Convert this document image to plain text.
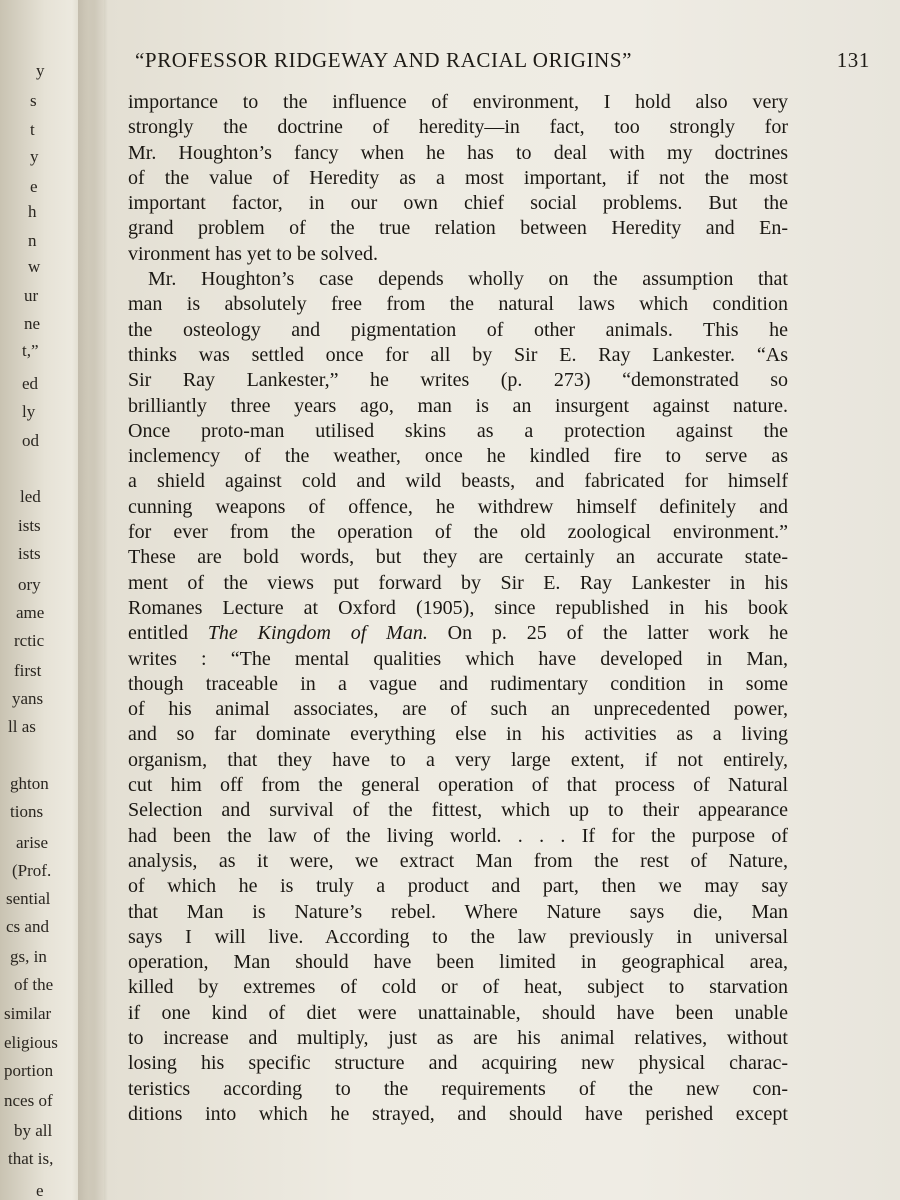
y
s
t
y
e
h
n
w
ur
ne
t,”
ed
ly
od
led
ists
ists
ory
ame
rctic
first
yans
ll as
ghton
tions
arise
(Prof.
sential
cs and
gs, in
of the
similar
eligious
portion
nces of
by all
that is,
e
“PROFESSOR RIDGEWAY AND RACIAL ORIGINS”	131
importance to the influence of environment, I hold also very
strongly the doctrine of heredity—in fact, too strongly for
Mr. Houghton’s fancy when he has to deal with my doctrines
of the value of Heredity as a most important, if not the most
important factor, in our own chief social problems. But the
grand problem of the true relation between Heredity and En-
vironment has yet to be solved.
Mr. Houghton’s case depends wholly on the assumption that
man is absolutely free from the natural laws which condition
the osteology and pigmentation of other animals. This he
thinks was settled once for all by Sir E. Ray Lankester. “As
Sir Ray Lankester,” he writes (p. 273) “demonstrated so
brilliantly three years ago, man is an insurgent against nature.
Once proto-man utilised skins as a protection against the
inclemency of the weather, once he kindled fire to serve as
a shield against cold and wild beasts, and fabricated for himself
cunning weapons of offence, he withdrew himself definitely and
for ever from the operation of the old zoological environment.”
These are bold words, but they are certainly an accurate state-
ment of the views put forward by Sir E. Ray Lankester in his
Romanes Lecture at Oxford (1905), since republished in his book
entitled The Kingdom of Man. On p. 25 of the latter work he
writes : “The mental qualities which have developed in Man,
though traceable in a vague and rudimentary condition in some
of his animal associates, are of such an unprecedented power,
and so far dominate everything else in his activities as a living
organism, that they have to a very large extent, if not entirely,
cut him off from the general operation of that process of Natural
Selection and survival of the fittest, which up to their appearance
had been the law of the living world. . . . If for the purpose of
analysis, as it were, we extract Man from the rest of Nature,
of which he is truly a product and part, then we may say
that Man is Nature’s rebel. Where Nature says die, Man
says I will live. According to the law previously in universal
operation, Man should have been limited in geographical area,
killed by extremes of cold or of heat, subject to starvation
if one kind of diet were unattainable, should have been unable
to increase and multiply, just as are his animal relatives, without
losing his specific structure and acquiring new physical charac-
teristics according to the requirements of the new con-
ditions into which he strayed, and should have perished except
